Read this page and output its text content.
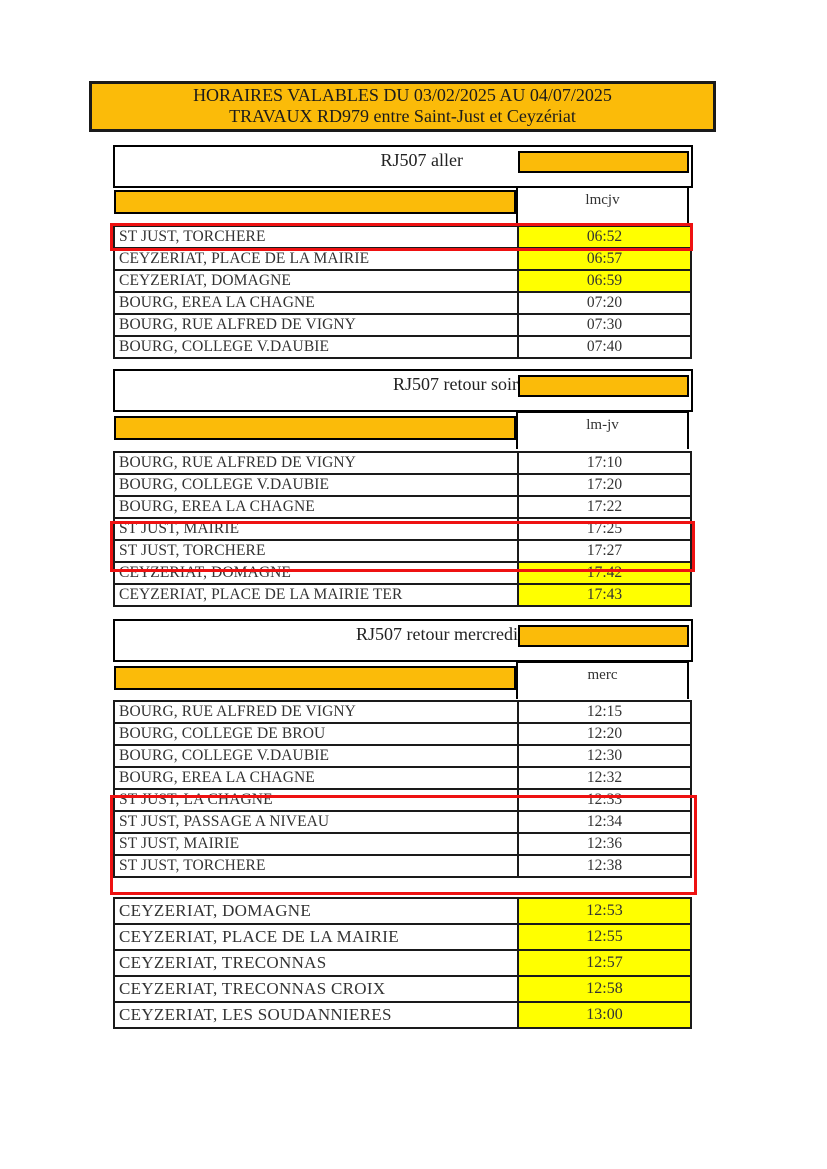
HORAIRES VALABLES DU 03/02/2025 AU 04/07/2025
TRAVAUX RD979 entre Saint-Just et Ceyzériat
RJ507 aller
lmcjv
ST JUST, TORCHERE	06:52
CEYZERIAT, PLACE DE LA MAIRIE	06:57
CEYZERIAT, DOMAGNE	06:59
BOURG, EREA LA CHAGNE	07:20
BOURG, RUE ALFRED DE VIGNY	07:30
BOURG, COLLEGE V.DAUBIE	07:40
RJ507 retour soir
lm-jv
BOURG, RUE ALFRED DE VIGNY	17:10
BOURG, COLLEGE V.DAUBIE	17:20
BOURG, EREA LA CHAGNE	17:22
ST JUST, MAIRIE	17:25
ST JUST, TORCHERE	17:27
CEYZERIAT, DOMAGNE	17:42
CEYZERIAT, PLACE DE LA MAIRIE TER	17:43
RJ507 retour mercredi
merc
BOURG, RUE ALFRED DE VIGNY	12:15
BOURG, COLLEGE DE BROU	12:20
BOURG, COLLEGE V.DAUBIE	12:30
BOURG, EREA LA CHAGNE	12:32
ST JUST, LA CHAGNE	12:33
ST JUST, PASSAGE A NIVEAU	12:34
ST JUST, MAIRIE	12:36
ST JUST, TORCHERE	12:38
CEYZERIAT, DOMAGNE	12:53
CEYZERIAT, PLACE DE LA MAIRIE	12:55
CEYZERIAT, TRECONNAS	12:57
CEYZERIAT, TRECONNAS CROIX	12:58
CEYZERIAT, LES SOUDANNIERES	13:00
